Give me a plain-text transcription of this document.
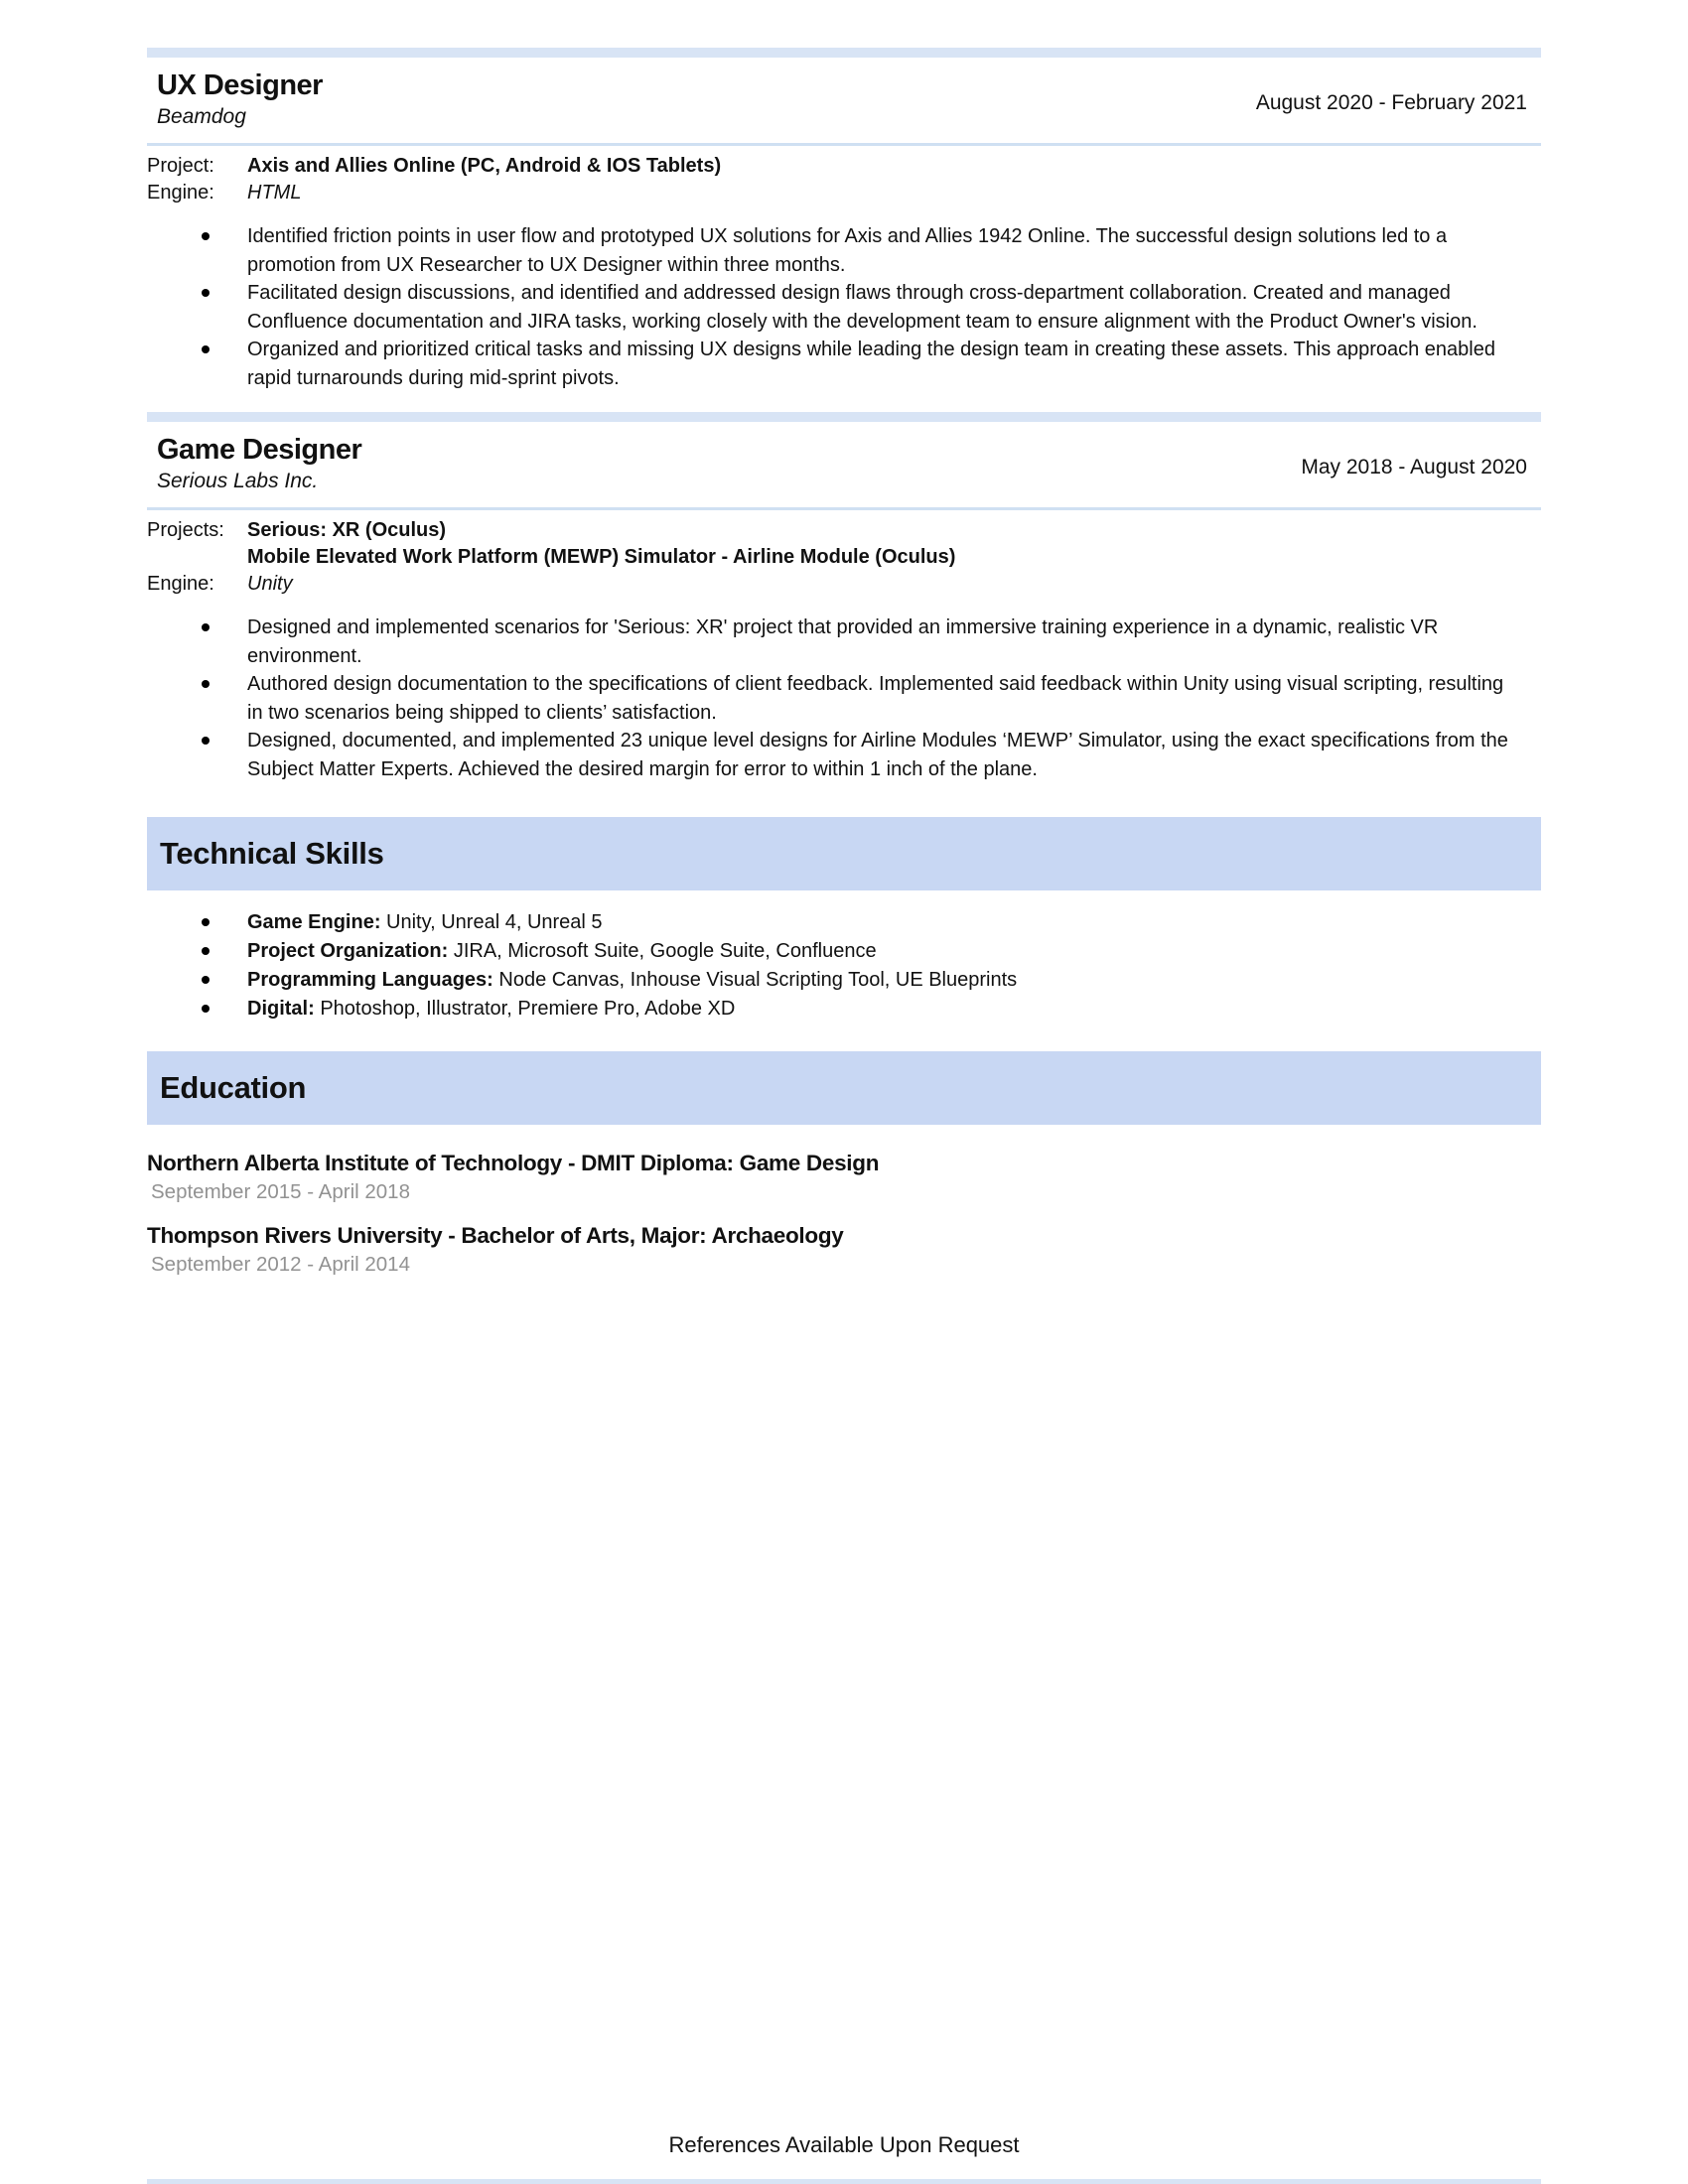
UX Designer
Beamdog
August 2020 - February 2021
Project:	Axis and Allies Online (PC, Android & IOS Tablets)
Engine:	HTML
Identified friction points in user flow and prototyped UX solutions for Axis and Allies 1942 Online. The successful design solutions led to a promotion from UX Researcher to UX Designer within three months.
Facilitated design discussions, and identified and addressed design flaws through cross-department collaboration. Created and managed Confluence documentation and JIRA tasks, working closely with the development team to ensure alignment with the Product Owner's vision.
Organized and prioritized critical tasks and missing UX designs while leading the design team in creating these assets. This approach enabled rapid turnarounds during mid-sprint pivots.
Game Designer
Serious Labs Inc.
May 2018 - August 2020
Projects:	Serious: XR (Oculus)
Mobile Elevated Work Platform (MEWP) Simulator - Airline Module (Oculus)
Engine:	Unity
Designed and implemented scenarios for 'Serious: XR' project that provided an immersive training experience in a dynamic, realistic VR environment.
Authored design documentation to the specifications of client feedback. Implemented said feedback within Unity using visual scripting, resulting in two scenarios being shipped to clients’ satisfaction.
Designed, documented, and implemented 23 unique level designs for Airline Modules ‘MEWP’ Simulator, using the exact specifications from the Subject Matter Experts. Achieved the desired margin for error to within 1 inch of the plane.
Technical Skills
Game Engine: Unity, Unreal 4, Unreal 5
Project Organization: JIRA, Microsoft Suite, Google Suite, Confluence
Programming Languages: Node Canvas, Inhouse Visual Scripting Tool, UE Blueprints
Digital: Photoshop, Illustrator, Premiere Pro, Adobe XD
Education
Northern Alberta Institute of Technology - DMIT Diploma: Game Design
September 2015 - April 2018
Thompson Rivers University - Bachelor of Arts, Major: Archaeology
September 2012 - April 2014
References Available Upon Request
